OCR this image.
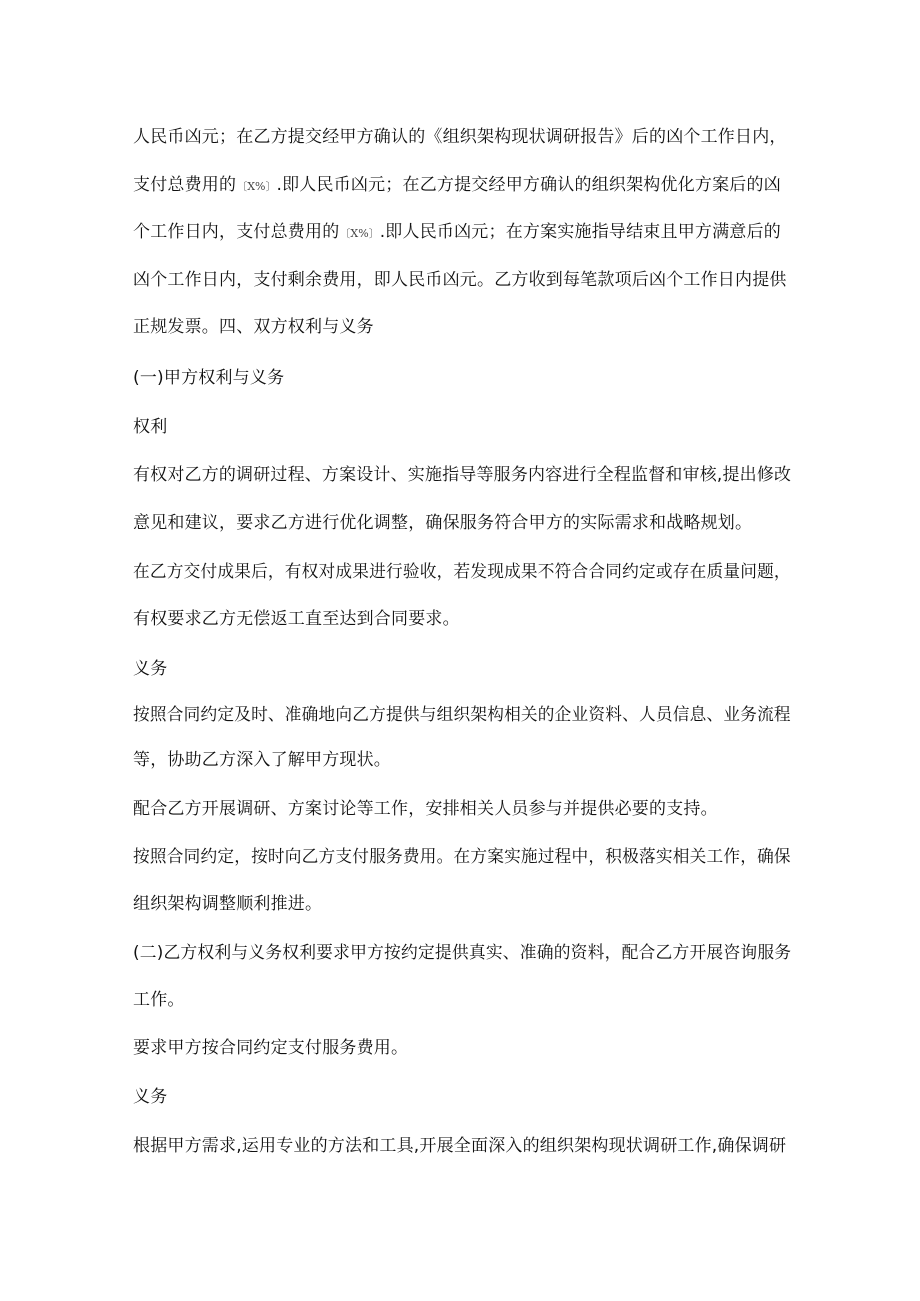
人民币凶元；在乙方提交经甲方确认的《组织架构现状调研报告》后的凶个工作日内，

支付总费用的〔X%〕.即人民币凶元；在乙方提交经甲方确认的组织架构优化方案后的凶

个工作日内，支付总费用的〔X%〕.即人民币凶元；在方案实施指导结束且甲方满意后的

凶个工作日内，支付剩余费用，即人民币凶元。乙方收到每笔款项后凶个工作日内提供

正规发票。四、双方权利与义务

(一)甲方权利与义务

权利

有权对乙方的调研过程、方案设计、实施指导等服务内容进行全程监督和审核,提出修改

意见和建议，要求乙方进行优化调整，确保服务符合甲方的实际需求和战略规划。

在乙方交付成果后，有权对成果进行验收，若发现成果不符合合同约定或存在质量问题，

有权要求乙方无偿返工直至达到合同要求。

义务

按照合同约定及时、准确地向乙方提供与组织架构相关的企业资料、人员信息、业务流程

等，协助乙方深入了解甲方现状。

配合乙方开展调研、方案讨论等工作，安排相关人员参与并提供必要的支持。

按照合同约定，按时向乙方支付服务费用。在方案实施过程中，积极落实相关工作，确保

组织架构调整顺利推进。

(二)乙方权利与义务权利要求甲方按约定提供真实、准确的资料，配合乙方开展咨询服务

工作。

要求甲方按合同约定支付服务费用。

义务

根据甲方需求,运用专业的方法和工具,开展全面深入的组织架构现状调研工作,确保调研
